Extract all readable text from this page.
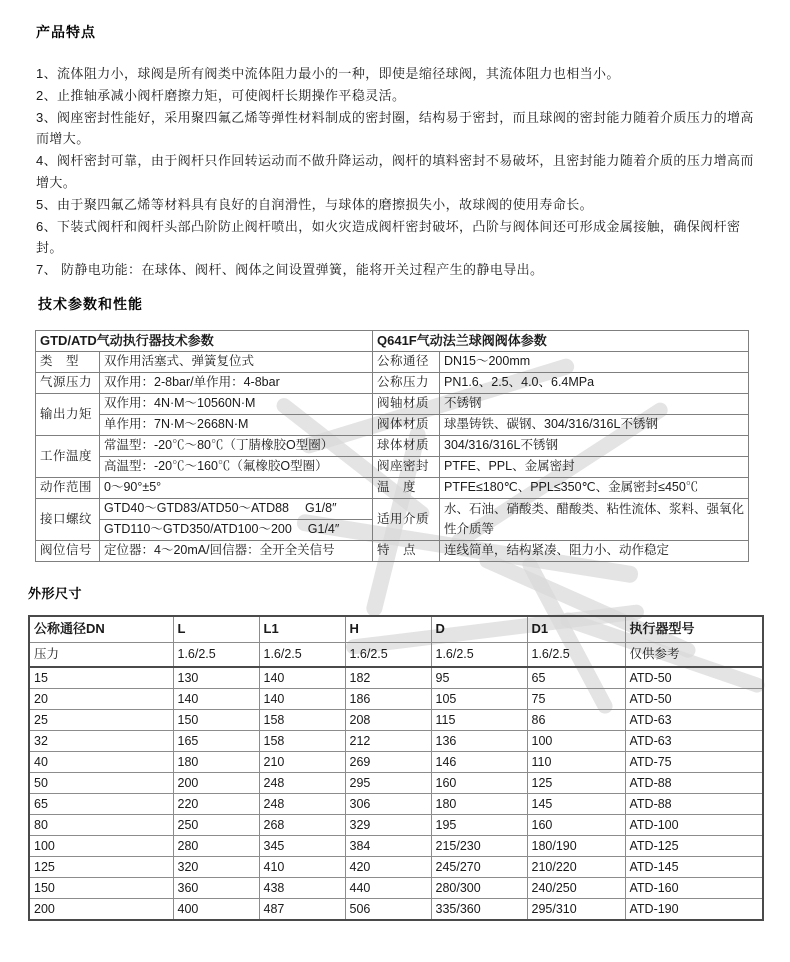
产品特点

1、流体阻力小，球阀是所有阀类中流体阻力最小的一种，即使是缩径球阀，其流体阻力也相当小。

2、止推轴承减小阀杆磨擦力矩，可使阀杆长期操作平稳灵活。

3、阀座密封性能好，采用聚四氟乙烯等弹性材料制成的密封圈，结构易于密封，而且球阀的密封能力随着介质压力的增高而增大。

4、阀杆密封可靠，由于阀杆只作回转运动而不做升降运动，阀杆的填料密封不易破坏，且密封能力随着介质的压力增高而增大。

5、由于聚四氟乙烯等材料具有良好的自润滑性，与球体的磨擦损失小，故球阀的使用寿命长。

6、下装式阀杆和阀杆头部凸阶防止阀杆喷出，如火灾造成阀杆密封破坏，凸阶与阀体间还可形成金属接触，确保阀杆密封。

7、 防静电功能：在球体、阀杆、阀体之间设置弹簧，能将开关过程产生的静电导出。

技术参数和性能
GTD/ATD气动执行器技术参数		Q641F气动法兰球阀阀体参数	
类　型	双作用活塞式、弹簧复位式	公称通径	DN15～200mm
气源压力	双作用：2-8bar/单作用：4-8bar	公称压力	PN1.6、2.5、4.0、6.4MPa
输出力矩	双作用：4N·M～10560N·M	阀轴材质	不锈钢
	单作用：7N·M～2668N·M	阀体材质	球墨铸铁、碳钢、304/316/316L不锈钢
工作温度	常温型：-20℃～80℃（丁腈橡胶O型圈）	球体材质	304/316/316L不锈钢
	高温型：-20℃～160℃（氟橡胶O型圈）	阀座密封	PTFE、PPL、金属密封
动作范围	0～90°±5°	温　度	PTFE≤180℃、PPL≤350℃、金属密封≤450℃
接口螺纹	GTD40～GTD83/ATD50～ATD88　 G1/8″	适用介质	水、石油、硝酸类、醋酸类、粘性流体、浆料、强氧化性介质等
	GTD110～GTD350/ATD100～200　 G1/4″		
阀位信号	定位器：4～20mA/回信器：全开全关信号	特　点	连线简单，结构紧凑、阻力小、动作稳定
外形尺寸
公称通径DN	L	L1	H	D	D1	执行器型号
压力	1.6/2.5	1.6/2.5	1.6/2.5	1.6/2.5	1.6/2.5	仅供参考
15	130	140	182	95	65	ATD-50
20	140	140	186	105	75	ATD-50
25	150	158	208	115	86	ATD-63
32	165	158	212	136	100	ATD-63
40	180	210	269	146	110	ATD-75
50	200	248	295	160	125	ATD-88
65	220	248	306	180	145	ATD-88
80	250	268	329	195	160	ATD-100
100	280	345	384	215/230	180/190	ATD-125
125	320	410	420	245/270	210/220	ATD-145
150	360	438	440	280/300	240/250	ATD-160
200	400	487	506	335/360	295/310	ATD-190
